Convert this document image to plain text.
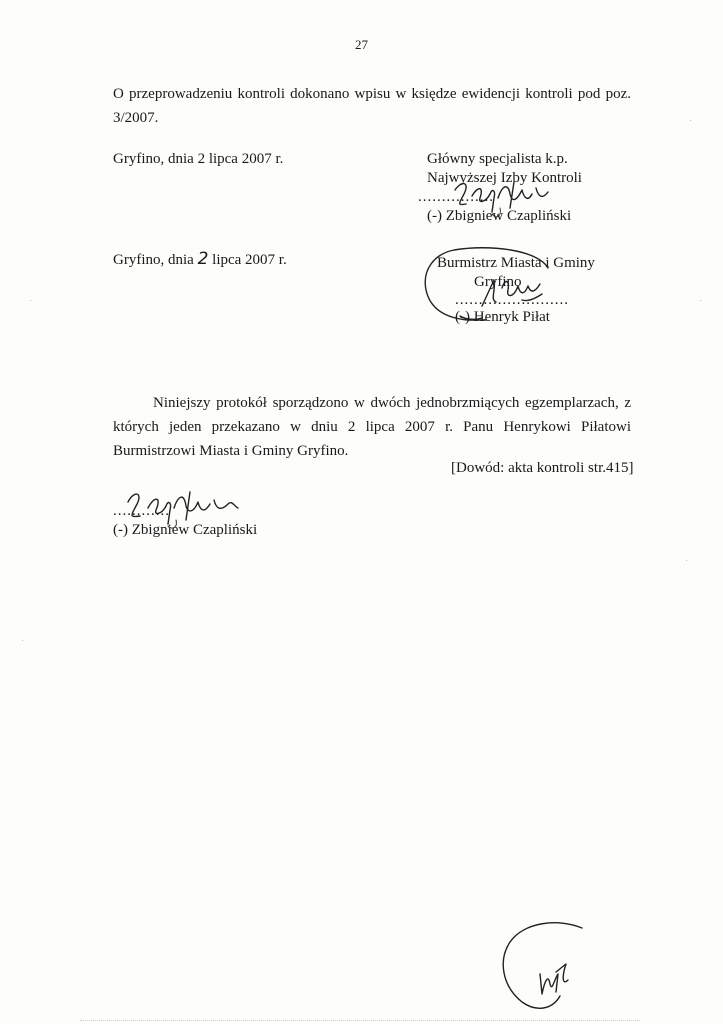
27
O przeprowadzeniu kontroli dokonano wpisu w księdze ewidencji kontroli pod poz. 3/2007.
Gryfino, dnia 2 lipca 2007 r.	Główny specjalista k.p.
Najwyższej Izby Kontroli
................
(-) Zbigniew Czapliński
Gryfino, dnia 2 lipca 2007 r.	Burmistrz Miasta i Gminy
Gryfino
........................
(-) Henryk Piłat
Niniejszy protokół sporządzono w dwóch jednobrzmiących egzemplarzach, z których jeden przekazano w dniu 2 lipca 2007 r. Panu Henrykowi Piłatowi Burmistrzowi Miasta i Gminy Gryfino.
[Dowód: akta kontroli str.415]
............
(-) Zbigniew Czapliński
